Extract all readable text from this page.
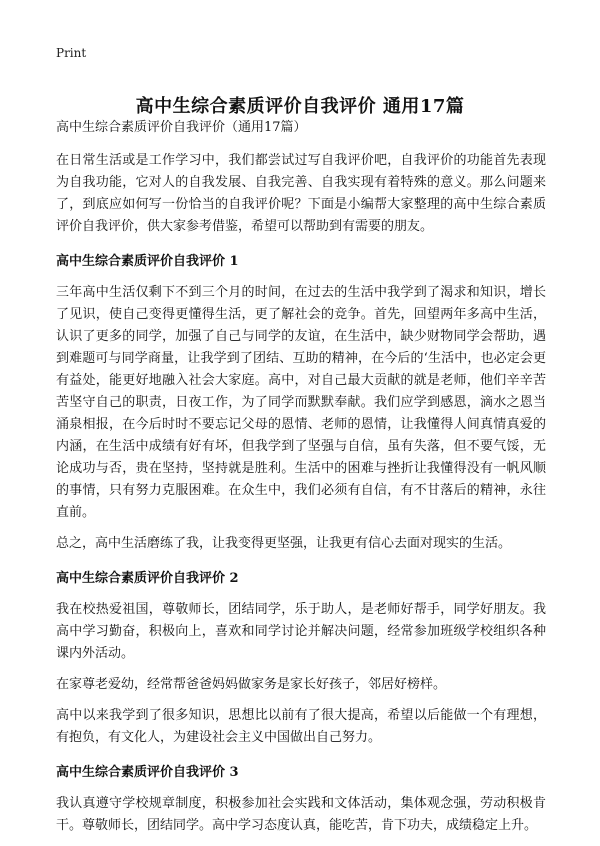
Print
高中生综合素质评价自我评价 通用17篇
高中生综合素质评价自我评价（通用17篇）

在日常生活或是工作学习中，我们都尝试过写自我评价吧，自我评价的功能首先表现为自我功能，它对人的自我发展、自我完善、自我实现有着特殊的意义。那么问题来了，到底应如何写一份恰当的自我评价呢？下面是小编帮大家整理的高中生综合素质评价自我评价，供大家参考借鉴，希望可以帮助到有需要的朋友。

高中生综合素质评价自我评价 1

三年高中生活仅剩下不到三个月的时间，在过去的生活中我学到了渴求和知识，增长了见识，使自己变得更懂得生活，更了解社会的竞争。首先，回望两年多高中生活，认识了更多的同学，加强了自己与同学的友谊，在生活中，缺少财物同学会帮助，遇到难题可与同学商量，让我学到了团结、互助的精神，在今后的‘生活中，也必定会更有益处，能更好地融入社会大家庭。高中，对自己最大贡献的就是老师，他们辛辛苦苦坚守自己的职责，日夜工作，为了同学而默默奉献。我们应学到感恩，滴水之恩当涌泉相报，在今后时时不要忘记父母的恩情、老师的恩情，让我懂得人间真情真爱的内涵，在生活中成绩有好有坏，但我学到了坚强与自信，虽有失落，但不要气馁，无论成功与否，贵在坚持，坚持就是胜利。生活中的困难与挫折让我懂得没有一帆风顺的事情，只有努力克服困难。在众生中，我们必须有自信，有不甘落后的精神，永往直前。

总之，高中生活磨练了我，让我变得更坚强，让我更有信心去面对现实的生活。

高中生综合素质评价自我评价 2

我在校热爱祖国，尊敬师长，团结同学，乐于助人，是老师好帮手，同学好朋友。我高中学习勤奋，积极向上，喜欢和同学讨论并解决问题，经常参加班级学校组织各种课内外活动。

在家尊老爱幼，经常帮爸爸妈妈做家务是家长好孩子，邻居好榜样。

高中以来我学到了很多知识，思想比以前有了很大提高，希望以后能做一个有理想，有抱负，有文化人，为建设社会主义中国做出自己努力。

高中生综合素质评价自我评价 3

我认真遵守学校规章制度，积极参加社会实践和文体活动，集体观念强，劳动积极肯干。尊敬师长，团结同学。高中学习态度认真，能吃苦，肯下功夫，成绩稳定上升。
